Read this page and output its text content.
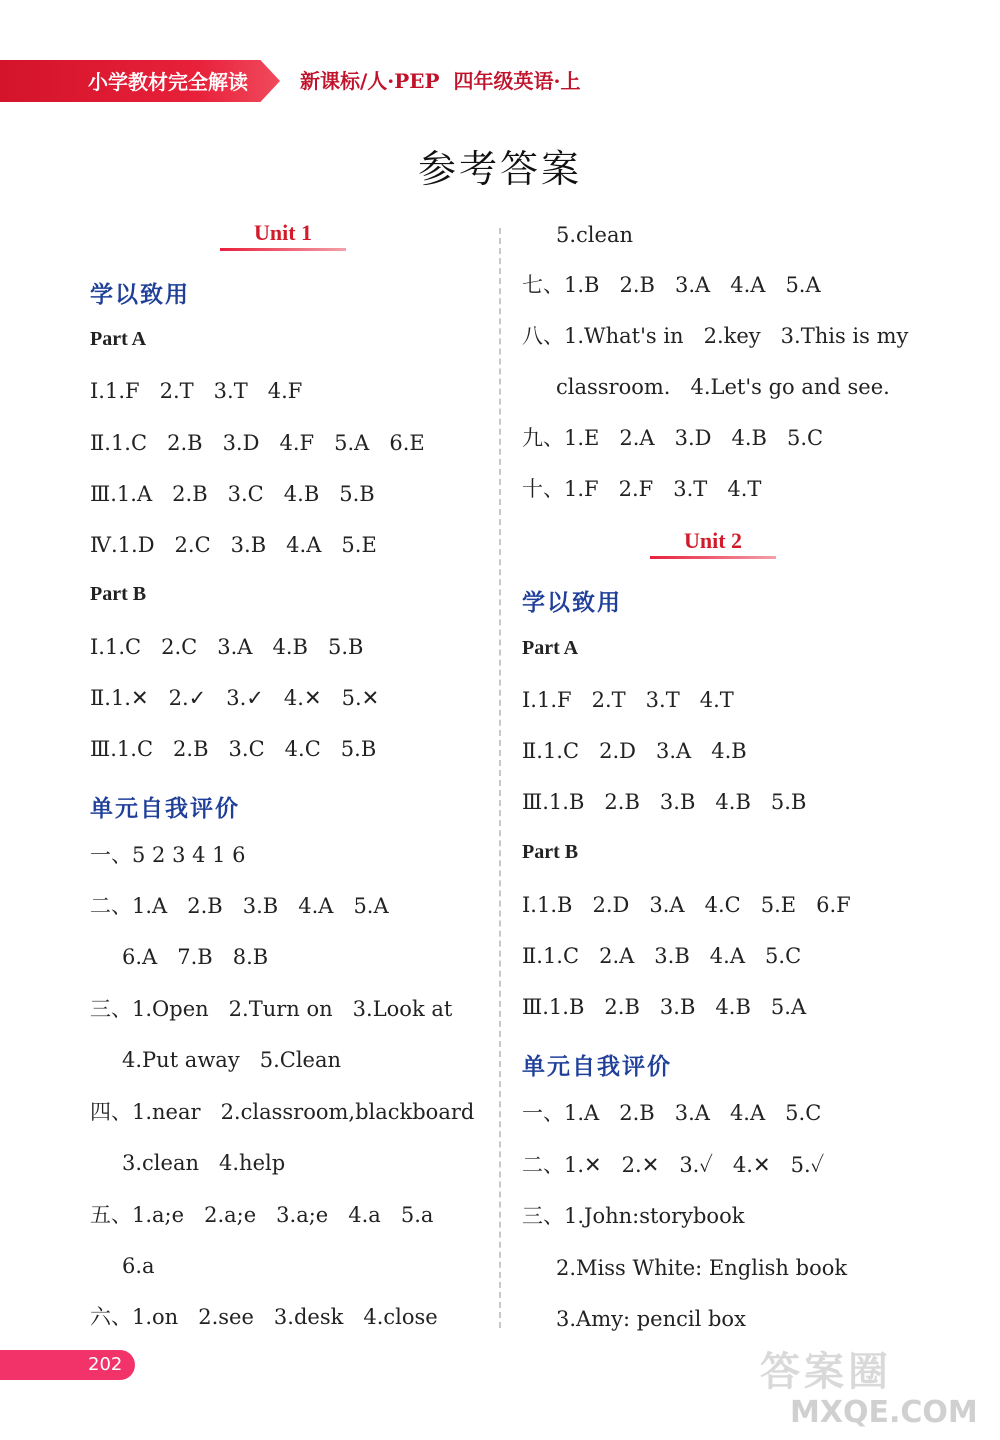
小学教材完全解读	新课标/人·PEP  四年级英语·上
参考答案
Unit 1
学以致用
Part A
Ⅰ.1.F   2.T   3.T   4.F
Ⅱ.1.C   2.B   3.D   4.F   5.A   6.E
Ⅲ.1.A   2.B   3.C   4.B   5.B
Ⅳ.1.D   2.C   3.B   4.A   5.E
Part B
Ⅰ.1.C   2.C   3.A   4.B   5.B
Ⅱ.1.✕   2.✓   3.✓   4.✕   5.✕
Ⅲ.1.C   2.B   3.C   4.C   5.B
单元自我评价
一、5 2 3 4 1 6
二、1.A   2.B   3.B   4.A   5.A
6.A   7.B   8.B
三、1.Open   2.Turn on   3.Look at
4.Put away   5.Clean
四、1.near   2.classroom,blackboard
3.clean   4.help
五、1.a;e   2.a;e   3.a;e   4.a   5.a
6.a
六、1.on   2.see   3.desk   4.close
5.clean
七、1.B   2.B   3.A   4.A   5.A
八、1.What's in   2.key   3.This is my
classroom.   4.Let's go and see.
九、1.E   2.A   3.D   4.B   5.C
十、1.F   2.F   3.T   4.T
Unit 2
学以致用
Part A
Ⅰ.1.F   2.T   3.T   4.T
Ⅱ.1.C   2.D   3.A   4.B
Ⅲ.1.B   2.B   3.B   4.B   5.B
Part B
Ⅰ.1.B   2.D   3.A   4.C   5.E   6.F
Ⅱ.1.C   2.A   3.B   4.A   5.C
Ⅲ.1.B   2.B   3.B   4.B   5.A
单元自我评价
一、1.A   2.B   3.A   4.A   5.C
二、1.✕   2.✕   3.✓   4.✕   5.✓
三、1.John:storybook
2.Miss White: English book
3.Amy: pencil box
202	答案圈
MXQE.COM
